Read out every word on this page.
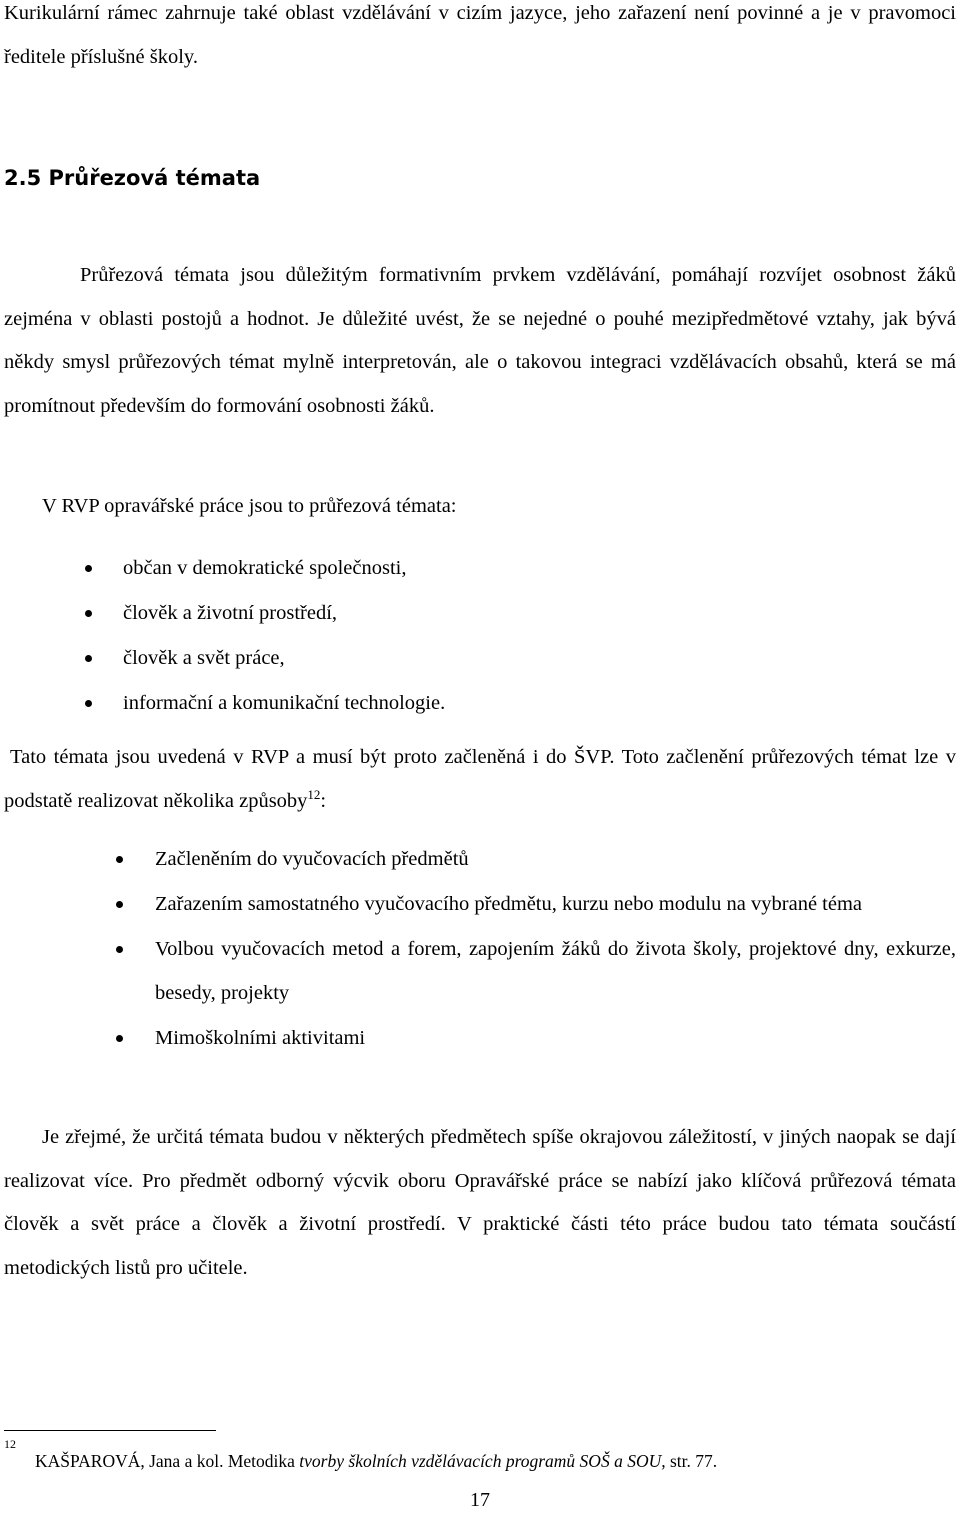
Kurikulární rámec zahrnuje také oblast vzdělávání v cizím jazyce, jeho zařazení není povinné a je v pravomoci ředitele příslušné školy.

2.5 Průřezová témata

Průřezová témata jsou důležitým formativním prvkem vzdělávání, pomáhají rozvíjet osobnost žáků zejména v oblasti postojů a hodnot. Je důležité uvést, že se nejedné o pouhé mezipředmětové vztahy, jak bývá někdy smysl průřezových témat mylně interpretován, ale o takovou integraci vzdělávacích obsahů, která se má promítnout především do formování osobnosti žáků.

V RVP opravářské práce jsou to průřezová témata:

občan v demokratické společnosti,
člověk a životní prostředí,
člověk a svět práce,
informační a komunikační technologie.

Tato témata jsou uvedená v RVP a musí být proto začleněná i do ŠVP. Toto začlenění průřezových témat lze v podstatě realizovat několika způsoby$^{12}$:

Začleněním do vyučovacích předmětů
Zařazením samostatného vyučovacího předmětu, kurzu nebo modulu na vybrané téma
Volbou vyučovacích metod a forem, zapojením žáků do života školy, projektové dny, exkurze, besedy, projekty
Mimoškolními aktivitami

Je zřejmé, že určitá témata budou v některých předmětech spíše okrajovou záležitostí, v jiných naopak se dají realizovat více. Pro předmět odborný výcvik oboru Opravářské práce se nabízí jako klíčová průřezová témata člověk a svět práce a člověk a životní prostředí. V praktické části této práce budou tato témata součástí metodických listů pro učitele.

12
KAŠPAROVÁ, Jana a kol. Metodika tvorby školních vzdělávacích programů SOŠ a SOU, str. 77.
17
